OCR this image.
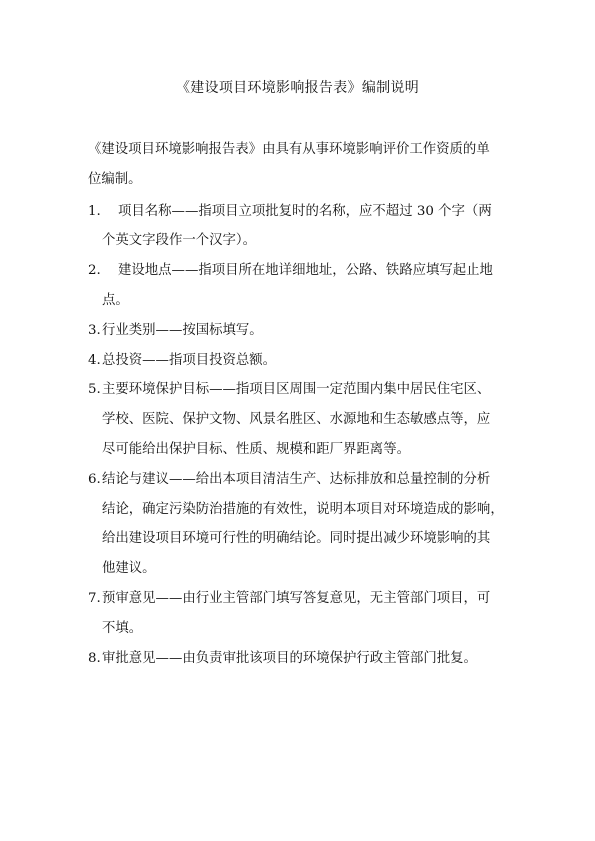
《建设项目环境影响报告表》编制说明
《建设项目环境影响报告表》由具有从事环境影响评价工作资质的单
位编制。
1.	项目名称——指项目立项批复时的名称，应不超过 30 个字（两
个英文字段作一个汉字）。
2.	建设地点——指项目所在地详细地址，公路、铁路应填写起止地
点。
3. 行业类别——按国标填写。
4. 总投资——指项目投资总额。
5. 主要环境保护目标——指项目区周围一定范围内集中居民住宅区、
学校、医院、保护文物、风景名胜区、水源地和生态敏感点等，应
尽可能给出保护目标、性质、规模和距厂界距离等。
6. 结论与建议——给出本项目清洁生产、达标排放和总量控制的分析
结论，确定污染防治措施的有效性，说明本项目对环境造成的影响，
给出建设项目环境可行性的明确结论。同时提出减少环境影响的其
他建议。
7. 预审意见——由行业主管部门填写答复意见，无主管部门项目，可
不填。
8. 审批意见——由负责审批该项目的环境保护行政主管部门批复。
